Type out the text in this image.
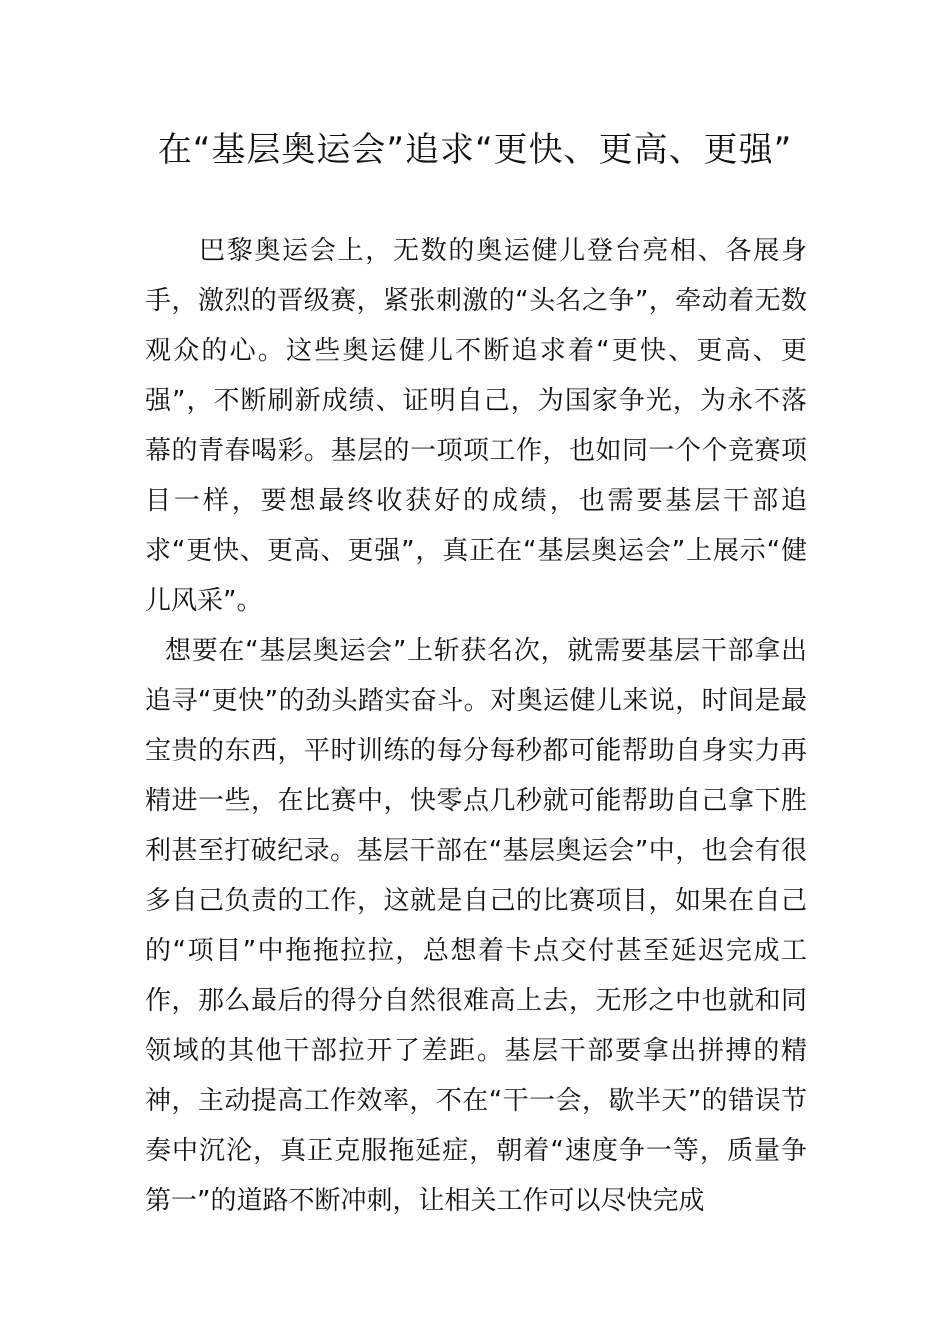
在“基层奥运会”追求“更快、更高、更强”

巴黎奥运会上，无数的奥运健儿登台亮相、各展身手，激烈的晋级赛，紧张刺激的“头名之争”，牵动着无数观众的心。这些奥运健儿不断追求着“更快、更高、更强”，不断刷新成绩、证明自己，为国家争光，为永不落幕的青春喝彩。基层的一项项工作，也如同一个个竞赛项目一样，要想最终收获好的成绩，也需要基层干部追求“更快、更高、更强”，真正在“基层奥运会”上展示“健儿风采”。

想要在“基层奥运会”上斩获名次，就需要基层干部拿出追寻“更快”的劲头踏实奋斗。对奥运健儿来说，时间是最宝贵的东西，平时训练的每分每秒都可能帮助自身实力再精进一些，在比赛中，快零点几秒就可能帮助自己拿下胜利甚至打破纪录。基层干部在“基层奥运会”中，也会有很多自己负责的工作，这就是自己的比赛项目，如果在自己的“项目”中拖拖拉拉，总想着卡点交付甚至延迟完成工作，那么最后的得分自然很难高上去，无形之中也就和同领域的其他干部拉开了差距。基层干部要拿出拼搏的精神，主动提高工作效率，不在“干一会，歇半天”的错误节奏中沉沦，真正克服拖延症，朝着“速度争一等，质量争第一”的道路不断冲刺，让相关工作可以尽快完成
